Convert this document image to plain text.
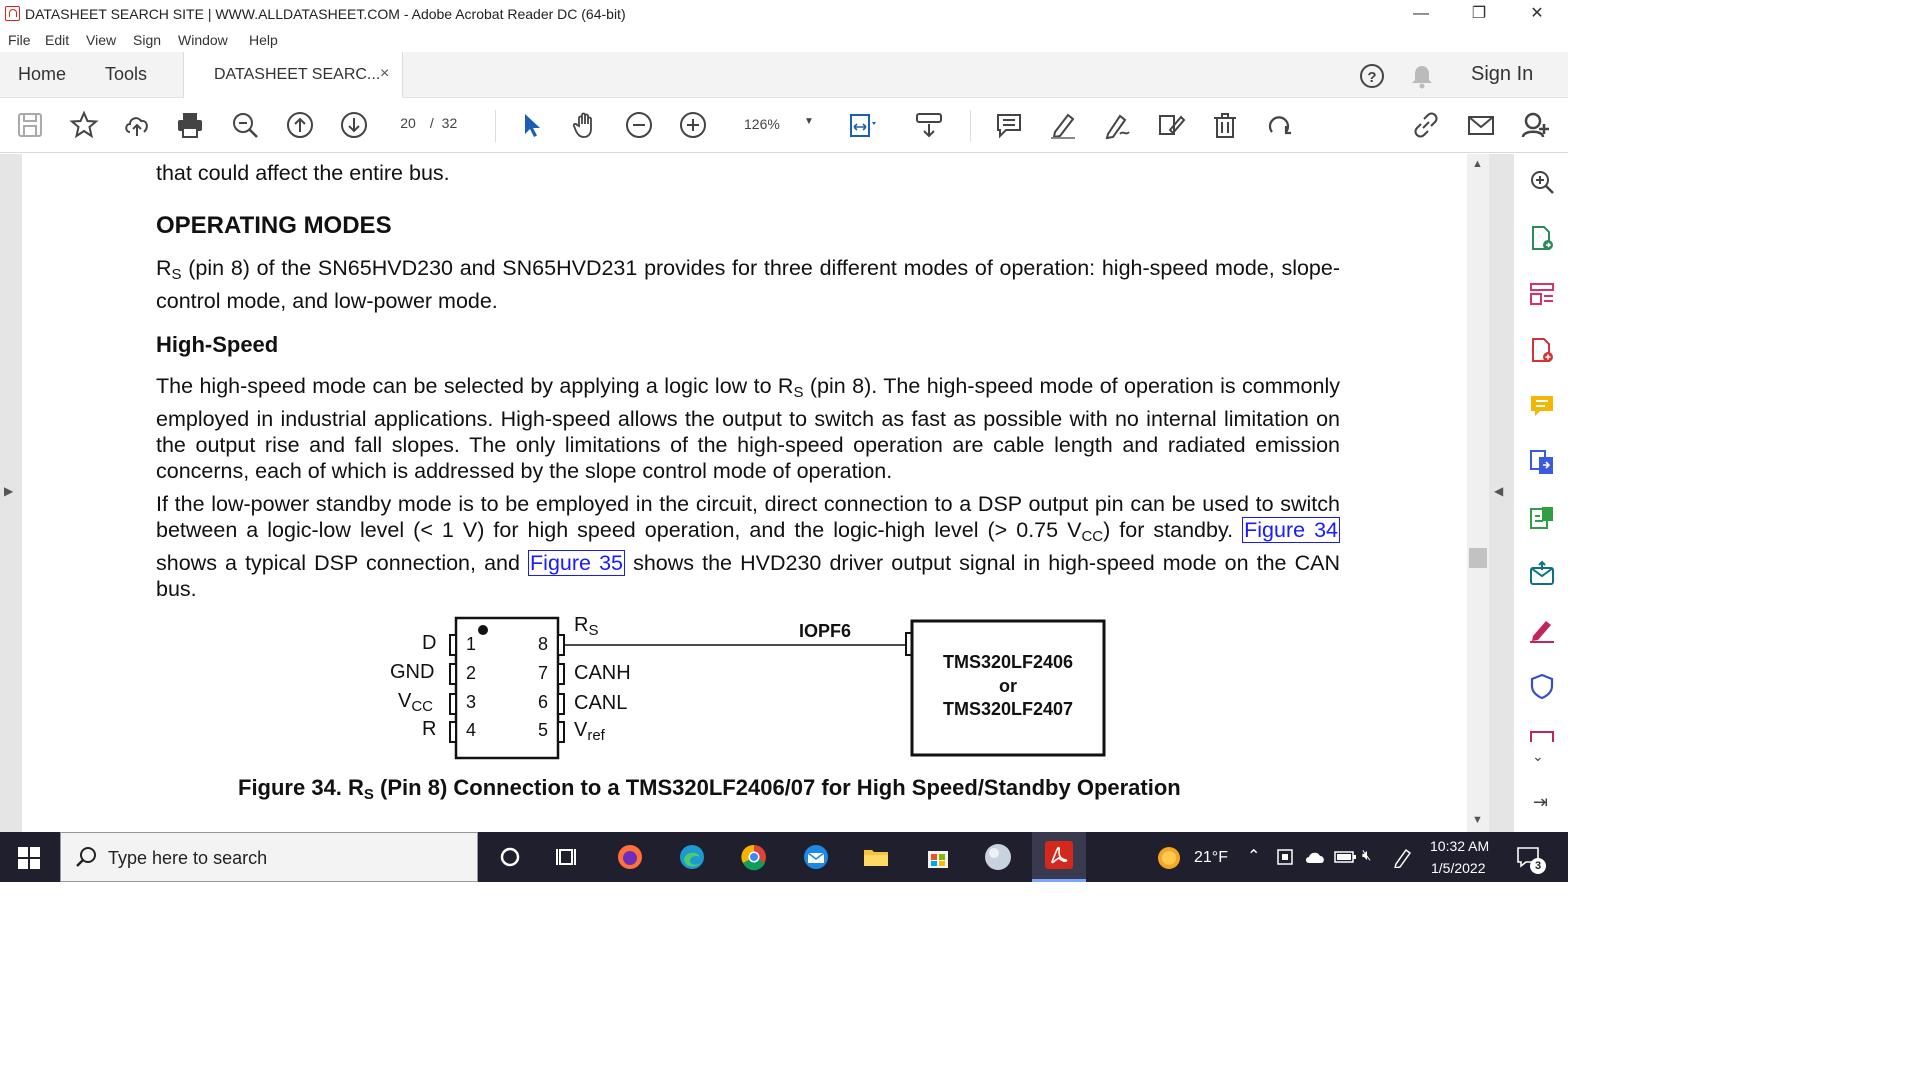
DATASHEET SEARCH SITE | WWW.ALLDATASHEET.COM - Adobe Acrobat Reader DC (64-bit)	—	❐	✕
File Edit View Sign Window Help
Home Tools	DATASHEET SEARC... ×	?	Sign In
20 / 32	126% ▼
▶
that could affect the entire bus.
OPERATING MODES
$R_S$ (pin 8) of the SN65HVD230 and SN65HVD231 provides for three different modes of operation: high-speed mode, slope-control mode, and low-power mode.
High-Speed
The high-speed mode can be selected by applying a logic low to $R_S$ (pin 8). The high-speed mode of operation is commonly employed in industrial applications. High-speed allows the output to switch as fast as possible with no internal limitation on the output rise and fall slopes. The only limitations of the high-speed operation are cable length and radiated emission concerns, each of which is addressed by the slope control mode of operation.
If the low-power standby mode is to be employed in the circuit, direct connection to a DSP output pin can be used to switch between a logic-low level (< 1 V) for high speed operation, and the logic-high level (> 0.75 $V_{CC}$) for standby. Figure 34 shows a typical DSP connection, and Figure 35 shows the HVD230 driver output signal in high-speed mode on the CAN bus.
D
GND
$V_{CC}$
R
1
2
3
4
8
7
6
5
$R_S$
CANH
CANL
$V_{ref}$
IOPF6
TMS320LF2406
or
TMS320LF2407
Figure 34. $R_S$ (Pin 8) Connection to a TMS320LF2406/07 for High Speed/Standby Operation
▲
▼
◀
⌄
⇥
Type here to search	21°F ⌃	🔇︎
10:32 AM
1/5/2022	3
